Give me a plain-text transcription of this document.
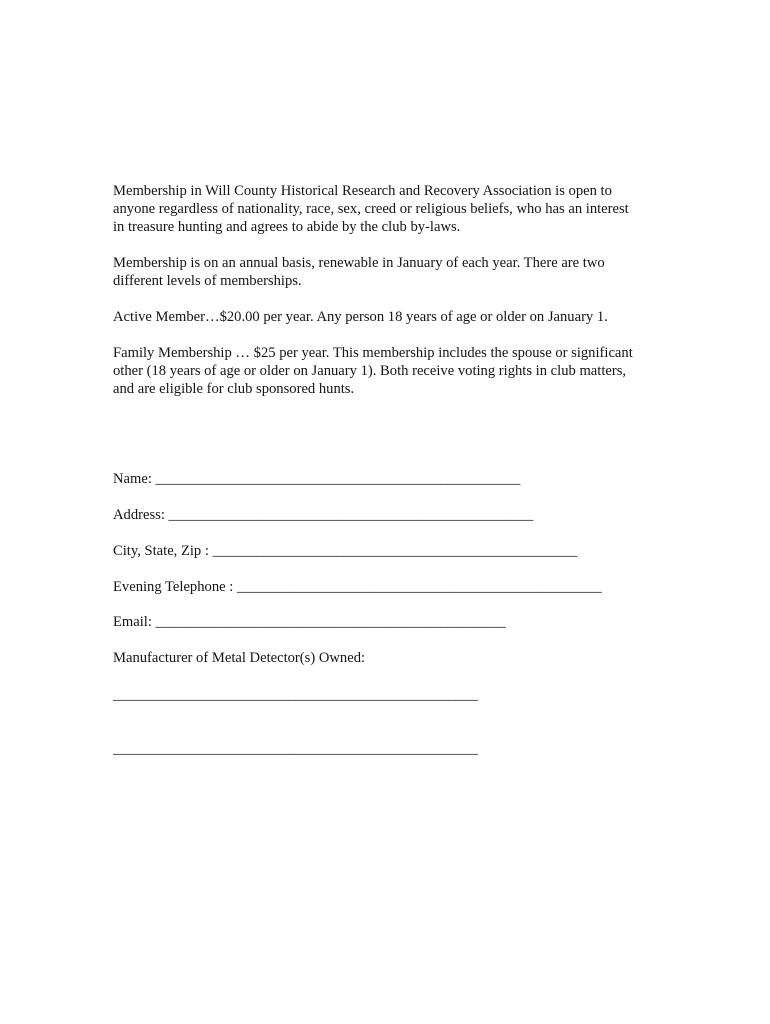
Membership in Will County Historical Research and Recovery Association is open to
anyone regardless of nationality, race, sex, creed or religious beliefs, who has an interest
in treasure hunting and agrees to abide by the club by-laws.

Membership is on an annual basis, renewable in January of each year. There are two
different levels of memberships.

Active Member…$20.00 per year. Any person 18 years of age or older on January 1.

Family Membership … $25 per year. This membership includes the spouse or significant
other (18 years of age or older on January 1). Both receive voting rights in club matters,
and are eligible for club sponsored hunts.

Name: __________________________________________________

Address: __________________________________________________

City, State, Zip : __________________________________________________

Evening Telephone : __________________________________________________

Email: ________________________________________________

Manufacturer of Metal Detector(s) Owned:

__________________________________________________

__________________________________________________
